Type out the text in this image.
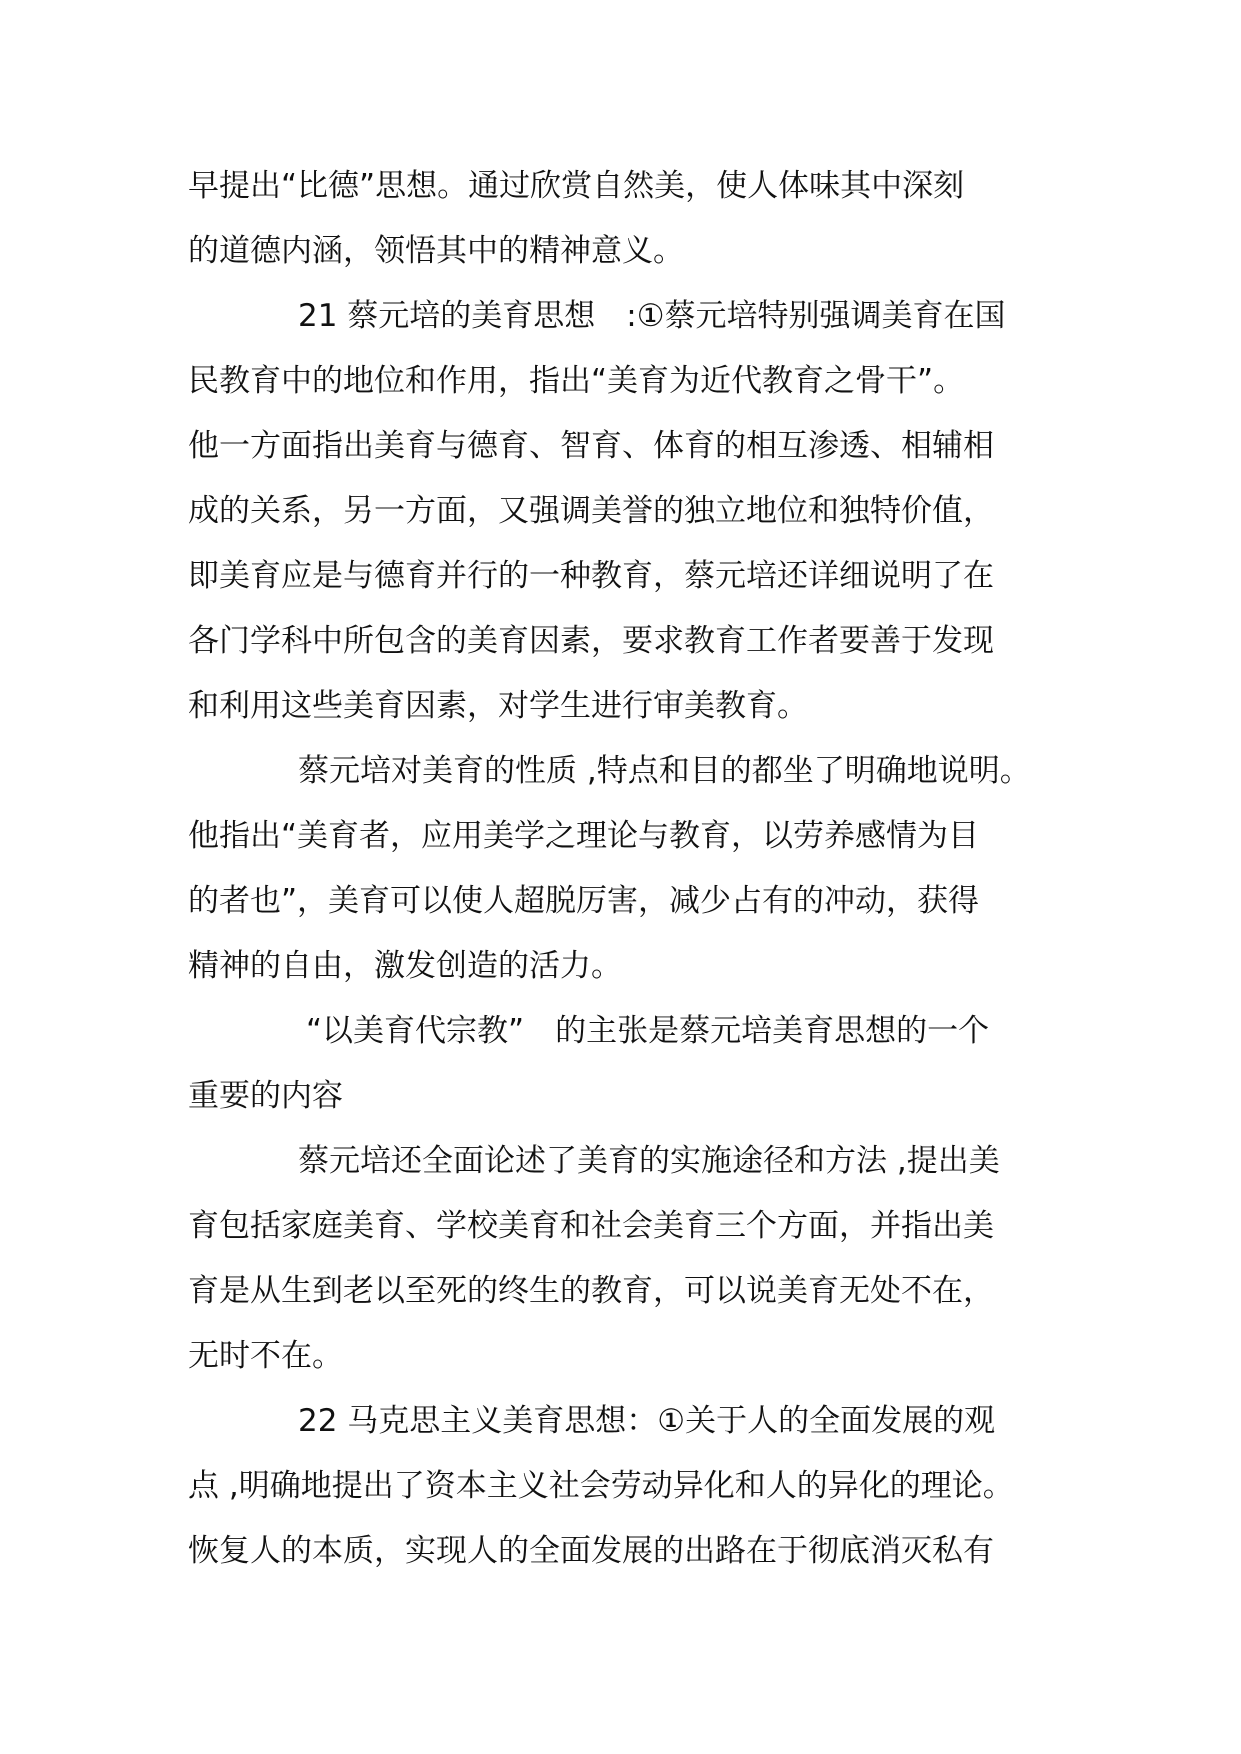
早提出“比德”思想。通过欣赏自然美，使人体味其中深刻
的道德内涵，领悟其中的精神意义。
21 蔡元培的美育思想　:①蔡元培特别强调美育在国
民教育中的地位和作用，指出“美育为近代教育之骨干”。
他一方面指出美育与德育、智育、体育的相互渗透、相辅相
成的关系，另一方面，又强调美誉的独立地位和独特价值，
即美育应是与德育并行的一种教育，蔡元培还详细说明了在
各门学科中所包含的美育因素，要求教育工作者要善于发现
和利用这些美育因素，对学生进行审美教育。
蔡元培对美育的性质 ,特点和目的都坐了明确地说明。
他指出“美育者，应用美学之理论与教育，以劳养感情为目
的者也”，美育可以使人超脱厉害，减少占有的冲动，获得
精神的自由，激发创造的活力。
“以美育代宗教”　的主张是蔡元培美育思想的一个
重要的内容
蔡元培还全面论述了美育的实施途径和方法 ,提出美
育包括家庭美育、学校美育和社会美育三个方面，并指出美
育是从生到老以至死的终生的教育，可以说美育无处不在，
无时不在。
22 马克思主义美育思想：①关于人的全面发展的观
点 ,明确地提出了资本主义社会劳动异化和人的异化的理论。
恢复人的本质，实现人的全面发展的出路在于彻底消灭私有
